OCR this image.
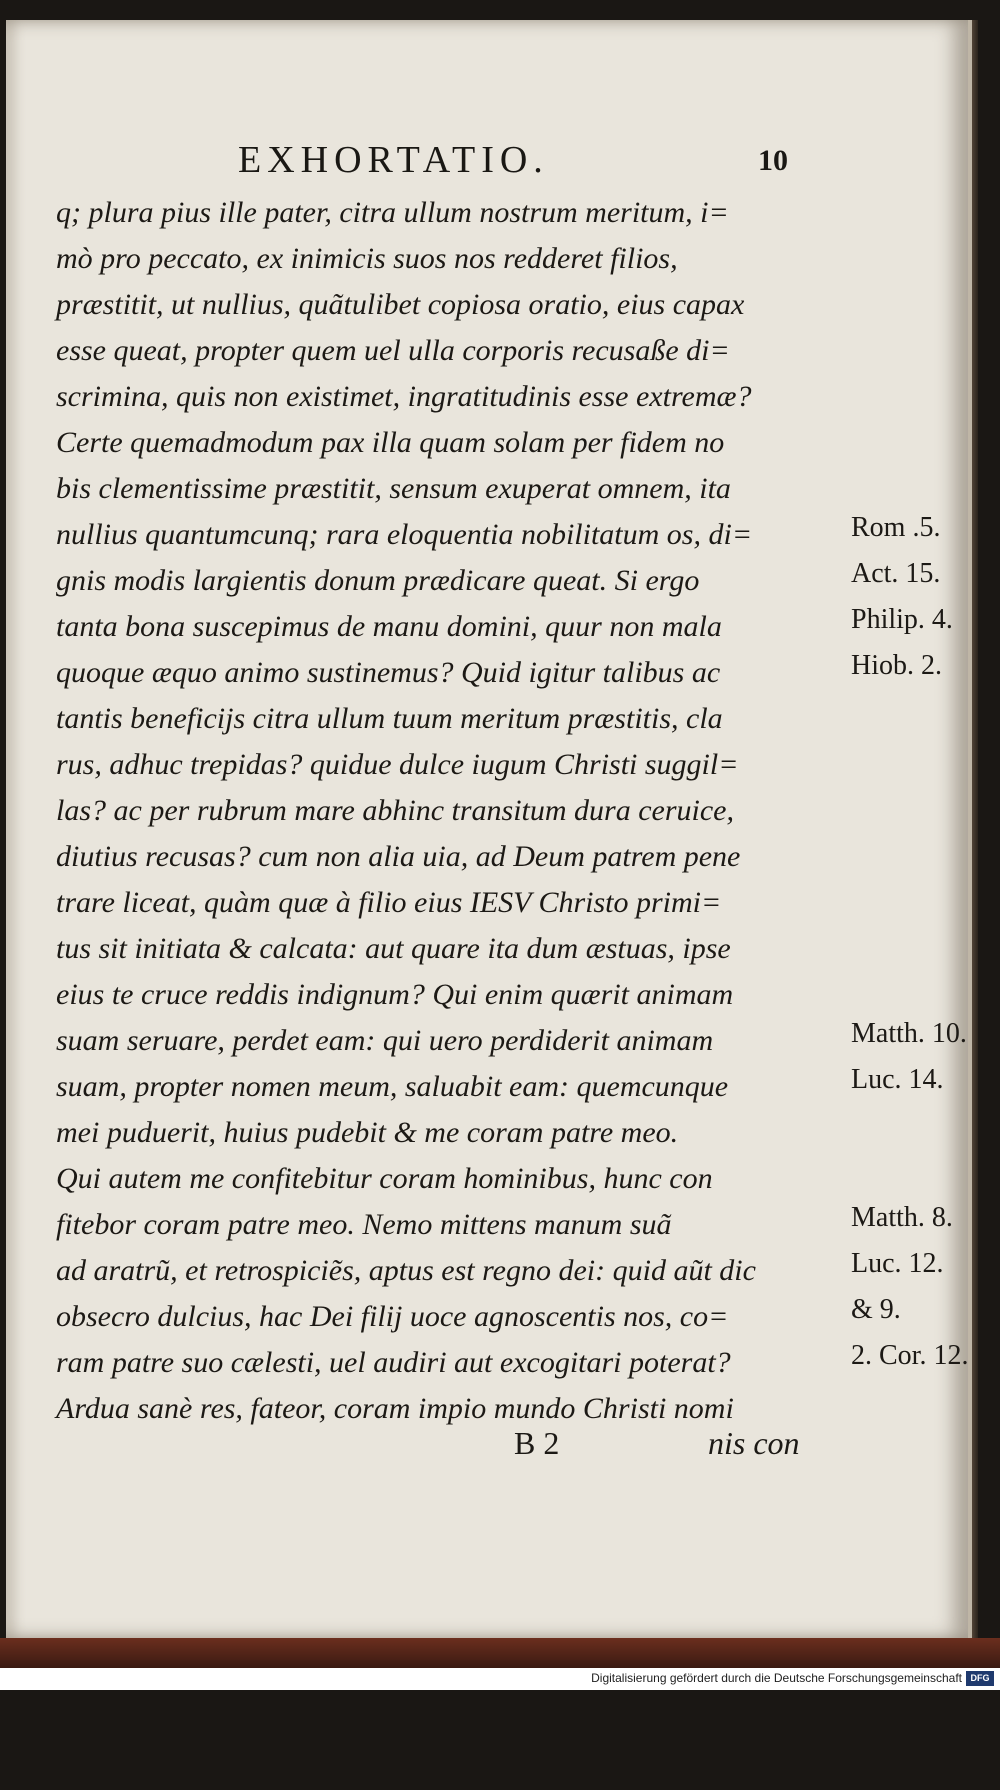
EXHORTATIO.	10
q; plura pius ille pater, citra ullum nostrum meritum, i=
mò pro peccato, ex inimicis suos nos redderet filios,
præstitit, ut nullius, quãtulibet copiosa oratio, eius capax
esse queat, propter quem uel ulla corporis recusaße di=
scrimina, quis non existimet, ingratitudinis esse extremæ?
Certe quemadmodum pax illa quam solam per fidem no
bis clementissime præstitit, sensum exuperat omnem, ita
nullius quantumcunq; rara eloquentia nobilitatum os, di=
gnis modis largientis donum prædicare queat. Si ergo
tanta bona suscepimus de manu domini, quur non mala
quoque æquo animo sustinemus? Quid igitur talibus ac
tantis beneficijs citra ullum tuum meritum præstitis, cla
rus, adhuc trepidas? quidue dulce iugum Christi suggil=
las? ac per rubrum mare abhinc transitum dura ceruice,
diutius recusas? cum non alia uia, ad Deum patrem pene
trare liceat, quàm quæ à filio eius IESV Christo primi=
tus sit initiata & calcata: aut quare ita dum æstuas, ipse
eius te cruce reddis indignum? Qui enim quærit animam
suam seruare, perdet eam: qui uero perdiderit animam
suam, propter nomen meum, saluabit eam: quemcunque
mei puduerit, huius pudebit & me coram patre meo.
Qui autem me confitebitur coram hominibus, hunc con
fitebor coram patre meo. Nemo mittens manum suã
ad aratrũ, et retrospiciẽs, aptus est regno dei: quid aũt dic
obsecro dulcius, hac Dei filij uoce agnoscentis nos, co=
ram patre suo cælesti, uel audiri aut excogitari poterat?
Ardua sanè res, fateor, coram impio mundo Christi nomi
Rom .5.
Act. 15.
Philip. 4.
Hiob. 2.
Matth. 10.
Luc. 14.
Matth. 8.
Luc. 12.
& 9.
2. Cor. 12.
B 2	nis con
Digitalisierung gefördert durch die Deutsche Forschungsgemeinschaft DFG
